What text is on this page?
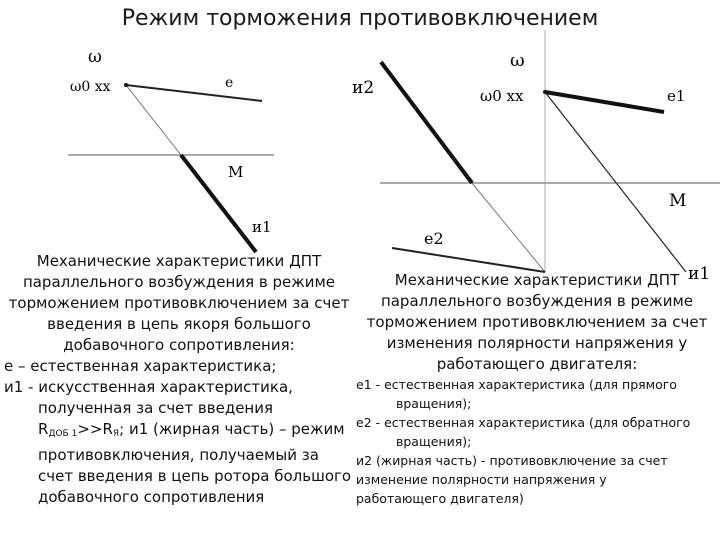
Режим торможения противовключением
ω
ω0 xx	e
M
и1
ω
ω0 xx	e1
и2
M
e2
и1
Механические характеристики ДПТ
параллельного возбуждения в режиме
торможением противовключением за счет
введения в цепь якоря большого
добавочного сопротивления:
е – естественная характеристика;
и1 - искусственная характеристика,
полученная за счет введения
$R_{ДОБ 1}>>R_Я$; и1 (жирная часть) – режим
противовключения, получаемый за
счет введения в цепь ротора большого
добавочного сопротивления
Механические характеристики ДПТ
параллельного возбуждения в режиме
торможением противовключением за счет
изменения полярности напряжения у
работающего двигателя:
e1 - естественная характеристика (для прямого
вращения);
e2 - естественная характеристика (для обратного
вращения);
и2 (жирная часть) - противовключение за счет
изменение полярности напряжения у
работающего двигателя)
